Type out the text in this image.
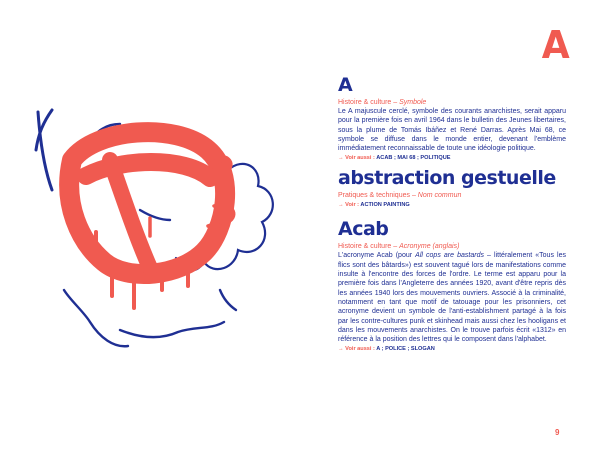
A
A
Histoire & culture – Symbole

Le A majuscule cerclé, symbole des courants anarchistes, serait apparu pour la première fois en avril 1964 dans le bulletin des Jeunes libertaires, sous la plume de Tomás Ibáñez et René Darras. Après Mai 68, ce symbole se diffuse dans le monde entier, devenant l'emblème immédiatement reconnaissable de toute une idéologie politique.

→ Voir aussi : ACAB ; MAI 68 ; POLITIQUE
abstraction gestuelle
Pratiques & techniques – Nom commun
→ Voir : ACTION PAINTING
Acab
Histoire & culture – Acronyme (anglais)

L'acronyme Acab (pour All cops are bastards – littéralement «Tous les flics sont des bâtards») est souvent tagué lors de manifestations comme insulte à l'encontre des forces de l'ordre. Le terme est apparu pour la première fois dans l'Angleterre des années 1920, avant d'être repris dès les années 1940 lors des mouvements ouvriers. Associé à la criminalité, notamment en tant que motif de tatouage pour les prisonniers, cet acronyme devient un symbole de l'anti-establishment partagé à la fois par les contre-cultures punk et skinhead mais aussi chez les hooligans et dans les mouvements anarchistes. On le trouve parfois écrit «1312» en référence à la position des lettres qui le composent dans l'alphabet.

→ Voir aussi : A ; POLICE ; SLOGAN
9
